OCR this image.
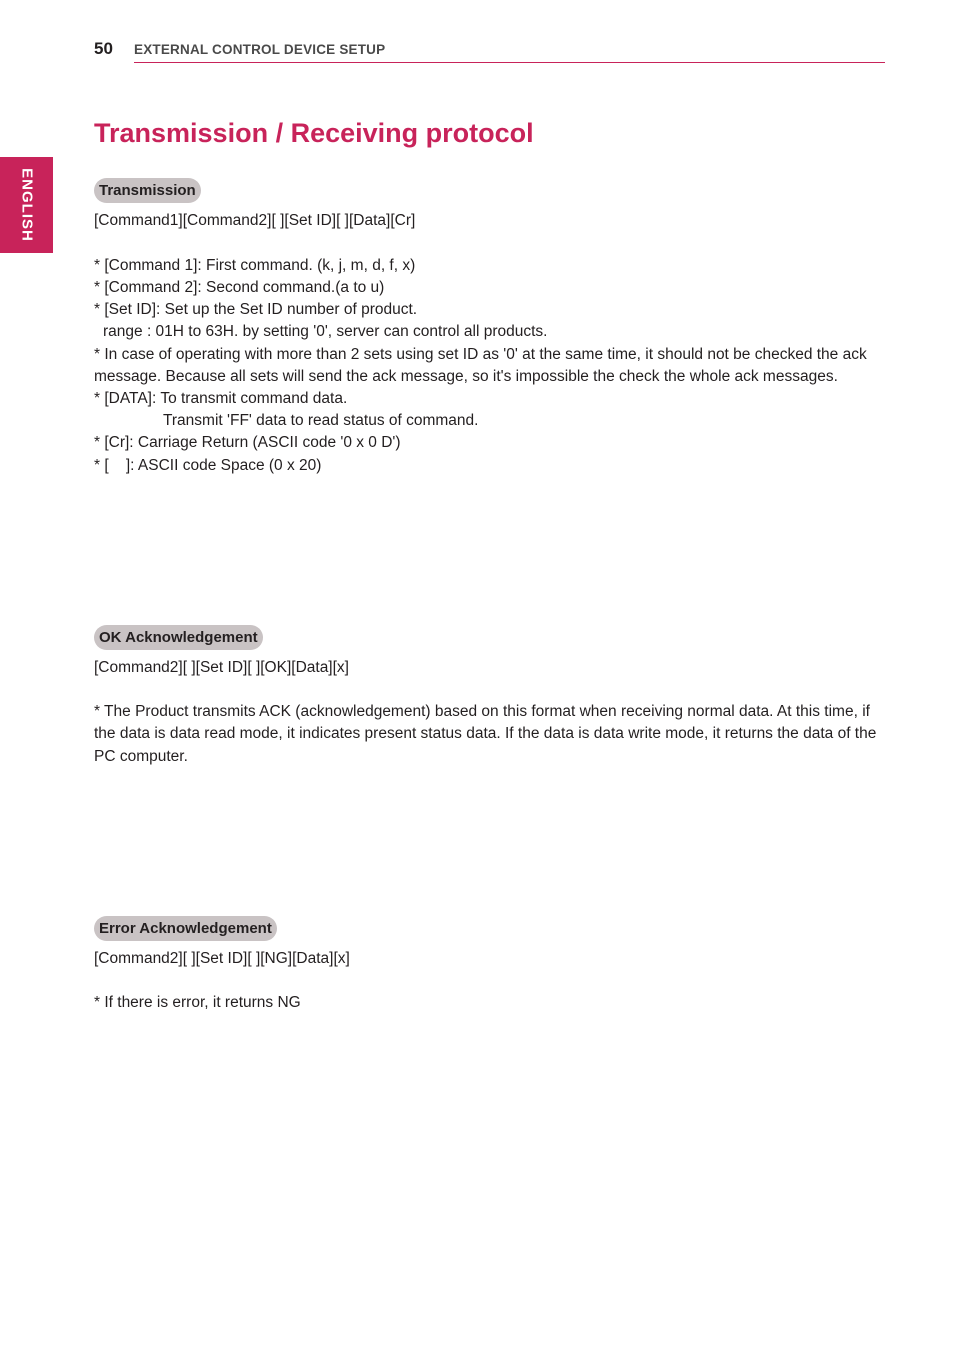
50 EXTERNAL CONTROL DEVICE SETUP
ENGLISH
Transmission / Receiving protocol
Transmission
[Command1][Command2][ ][Set ID][ ][Data][Cr]
* [Command 1]: First command. (k, j, m, d, f, x)
* [Command 2]: Second command.(a to u)
* [Set ID]: Set up the Set ID number of product.
range : 01H to 63H. by setting '0', server can control all products.
* In case of operating with more than 2 sets using set ID as '0' at the same time, it should not be checked the ack message. Because all sets will send the ack message, so it's impossible the check the whole ack messages.
* [DATA]: To transmit command data.
Transmit 'FF' data to read status of command.
* [Cr]: Carriage Return (ASCII code '0 x 0 D')
* [    ]: ASCII code Space (0 x 20)
OK Acknowledgement
[Command2][ ][Set ID][ ][OK][Data][x]
* The Product transmits ACK (acknowledgement) based on this format when receiving normal data. At this time, if the data is data read mode, it indicates present status data. If the data is data write mode, it returns the data of the PC computer.
Error Acknowledgement
[Command2][ ][Set ID][ ][NG][Data][x]
* If there is error, it returns NG
